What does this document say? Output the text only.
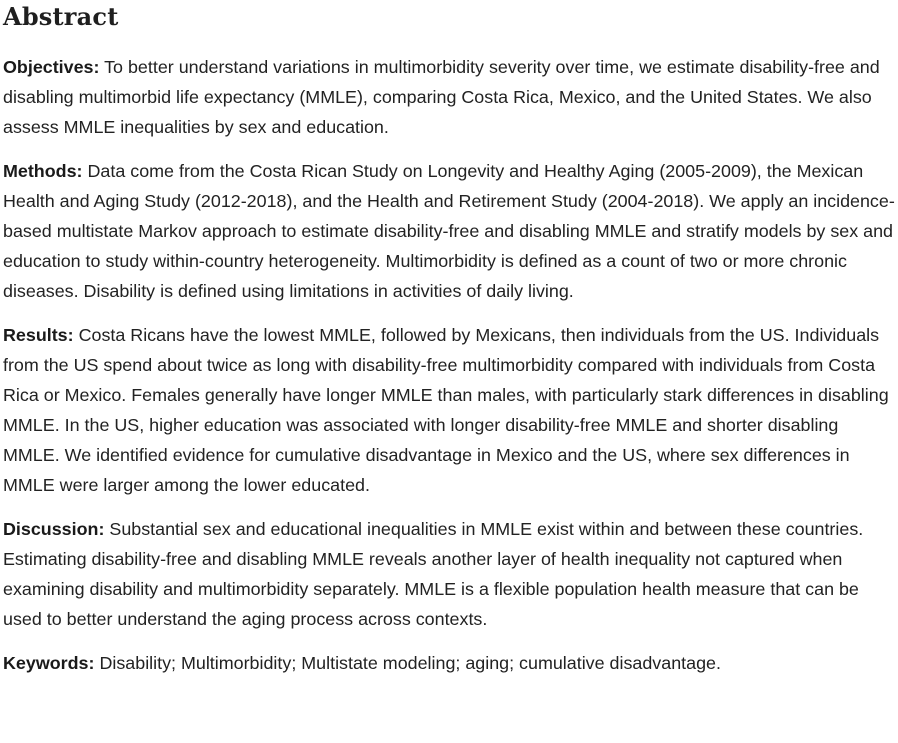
Abstract

Objectives: To better understand variations in multimorbidity severity over time, we estimate disability-free and disabling multimorbid life expectancy (MMLE), comparing Costa Rica, Mexico, and the United States. We also assess MMLE inequalities by sex and education.

Methods: Data come from the Costa Rican Study on Longevity and Healthy Aging (2005-2009), the Mexican Health and Aging Study (2012-2018), and the Health and Retirement Study (2004-2018). We apply an incidence-based multistate Markov approach to estimate disability-free and disabling MMLE and stratify models by sex and education to study within-country heterogeneity. Multimorbidity is defined as a count of two or more chronic diseases. Disability is defined using limitations in activities of daily living.

Results: Costa Ricans have the lowest MMLE, followed by Mexicans, then individuals from the US. Individuals from the US spend about twice as long with disability-free multimorbidity compared with individuals from Costa Rica or Mexico. Females generally have longer MMLE than males, with particularly stark differences in disabling MMLE. In the US, higher education was associated with longer disability-free MMLE and shorter disabling MMLE. We identified evidence for cumulative disadvantage in Mexico and the US, where sex differences in MMLE were larger among the lower educated.

Discussion: Substantial sex and educational inequalities in MMLE exist within and between these countries. Estimating disability-free and disabling MMLE reveals another layer of health inequality not captured when examining disability and multimorbidity separately. MMLE is a flexible population health measure that can be used to better understand the aging process across contexts.

Keywords: Disability; Multimorbidity; Multistate modeling; aging; cumulative disadvantage.
